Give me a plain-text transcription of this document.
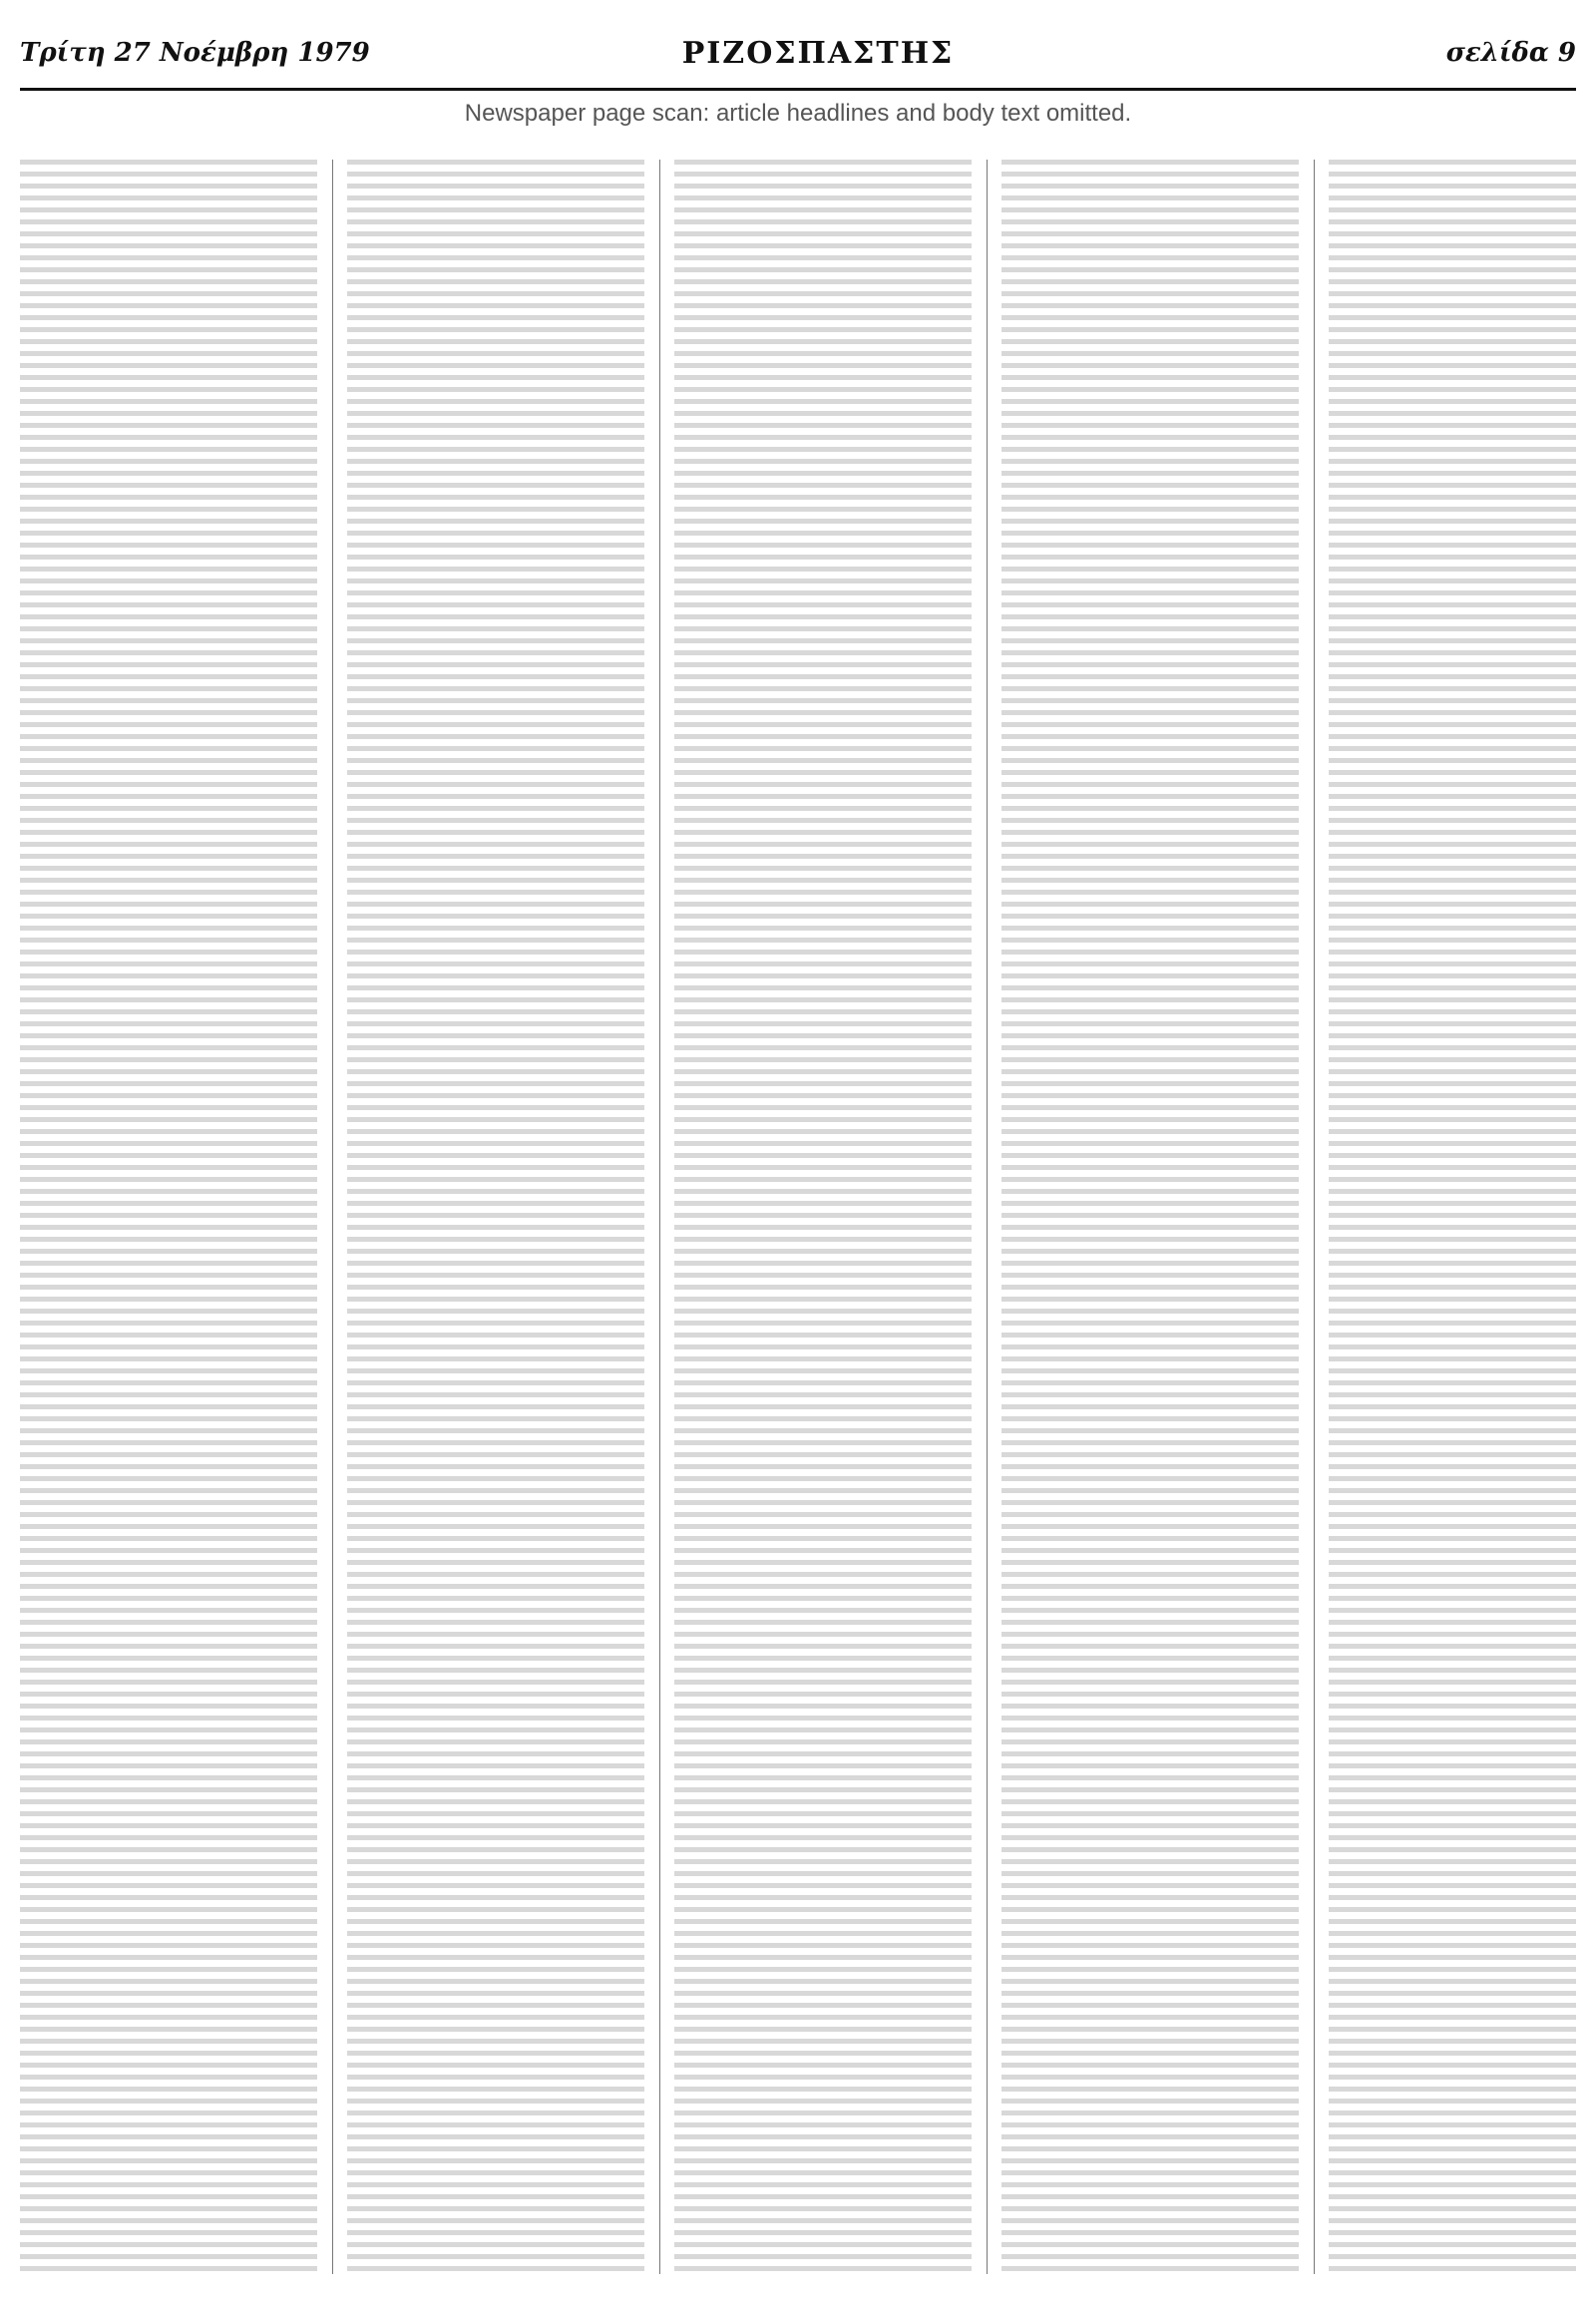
Τρίτη 27 Νοέμβρη 1979	ΡΙΖΟΣΠΑΣΤΗΣ	σελίδα 9
Newspaper page scan: article headlines and body text omitted.
